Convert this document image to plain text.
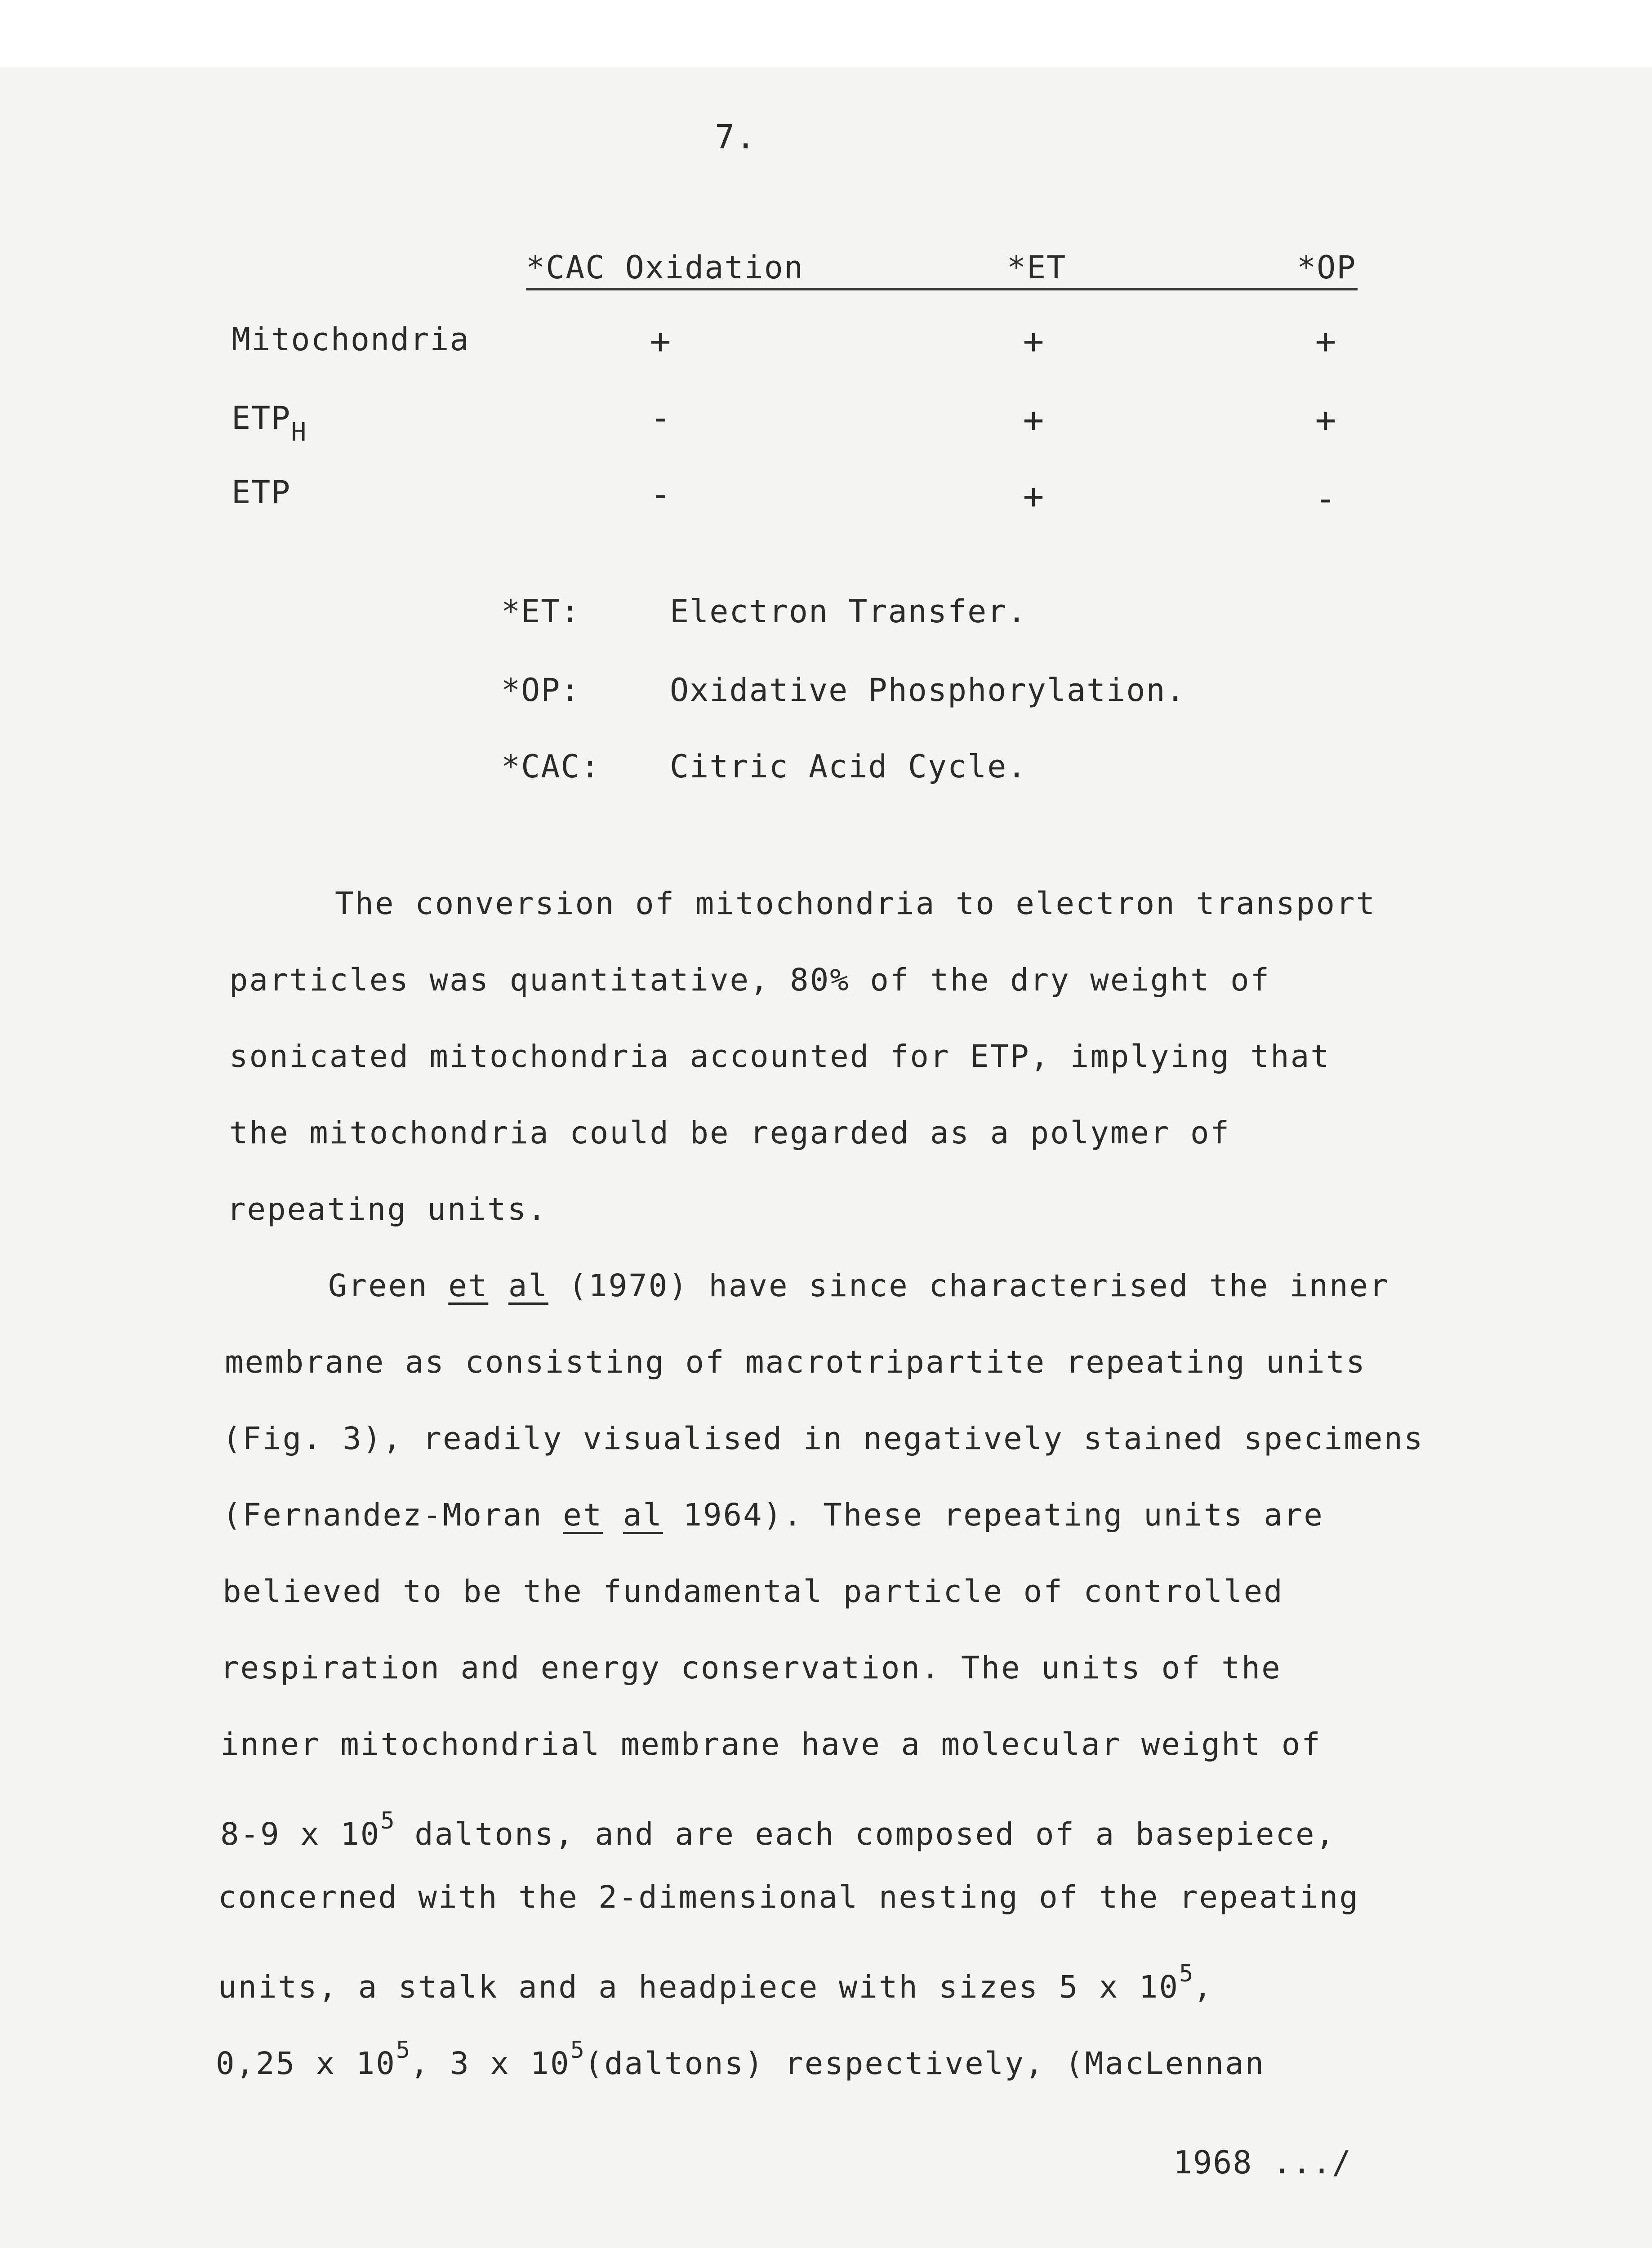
7.
*CAC Oxidation	*ET	*OP
Mitochondria	+	+	+
$ETP_H$	-	+	+
ETP	-	+	-
*ET:	Electron Transfer.
*OP:	Oxidative Phosphorylation.
*CAC: Citric Acid Cycle.
The conversion of mitochondria to electron transport
particles was quantitative, 80% of the dry weight of
sonicated mitochondria accounted for ETP, implying that
the mitochondria could be regarded as a polymer of
repeating units.
Green et al (1970) have since characterised the inner
membrane as consisting of macrotripartite repeating units
(Fig. 3), readily visualised in negatively stained specimens
(Fernandez-Moran et al 1964). These repeating units are
believed to be the fundamental particle of controlled
respiration and energy conservation. The units of the
inner mitochondrial membrane have a molecular weight of
8-9 x $10^5$ daltons, and are each composed of a basepiece,
concerned with the 2-dimensional nesting of the repeating
units, a stalk and a headpiece with sizes 5 x $10^5$,
0,25 x $10^5$, 3 x $10^5(daltons)$ respectively, (MacLennan
1968 .../
